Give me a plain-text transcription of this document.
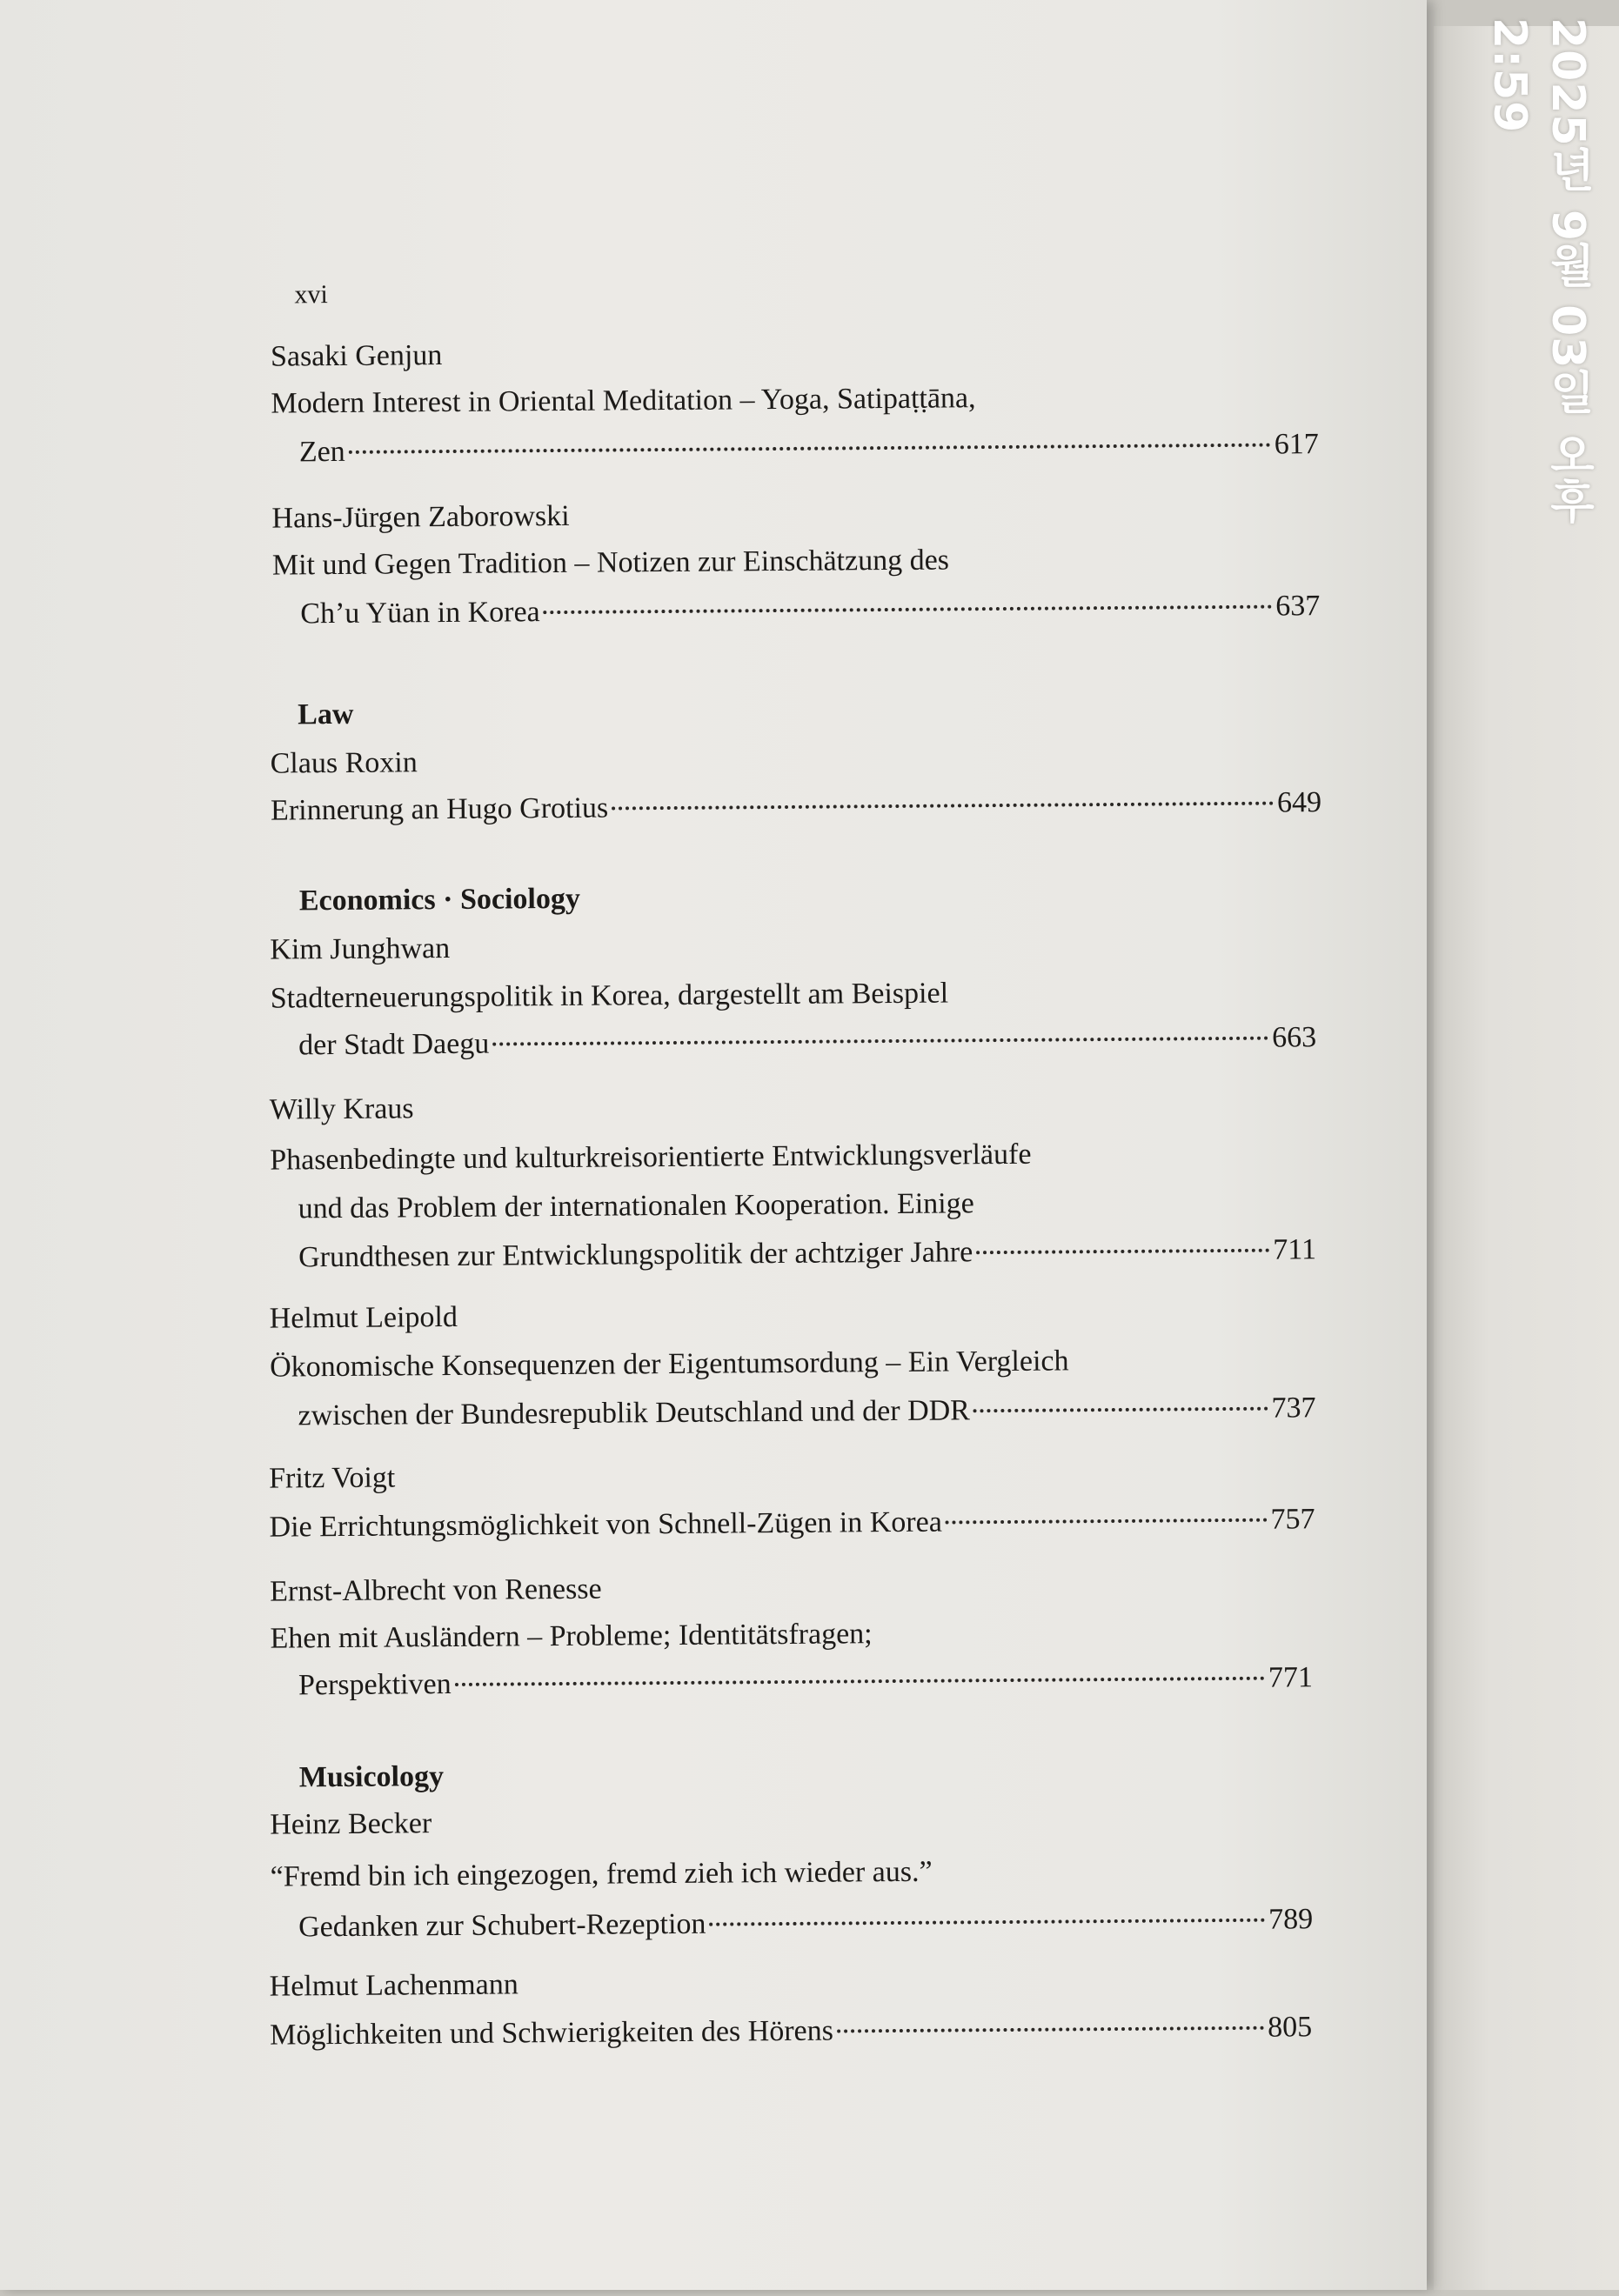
xvi
Sasaki Genjun
Modern Interest in Oriental Meditation – Yoga, Satipaṭṭāna,
Zen	617
Hans-Jürgen Zaborowski
Mit und Gegen Tradition – Notizen zur Einschätzung des
Ch’u Yüan in Korea	637
Law
Claus Roxin
Erinnerung an Hugo Grotius	649
Economics · Sociology
Kim Junghwan
Stadterneuerungspolitik in Korea, dargestellt am Beispiel
der Stadt Daegu	663
Willy Kraus
Phasenbedingte und kulturkreisorientierte Entwicklungsverläufe
und das Problem der internationalen Kooperation. Einige
Grundthesen zur Entwicklungspolitik der achtziger Jahre	711
Helmut Leipold
Ökonomische Konsequenzen der Eigentumsordung – Ein Vergleich
zwischen der Bundesrepublik Deutschland und der DDR	737
Fritz Voigt
Die Errichtungsmöglichkeit von Schnell-Zügen in Korea	757
Ernst-Albrecht von Renesse
Ehen mit Ausländern – Probleme; Identitätsfragen;
Perspektiven	771
Musicology
Heinz Becker
“Fremd bin ich eingezogen, fremd zieh ich wieder aus.”
Gedanken zur Schubert-Rezeption	789
Helmut Lachenmann
Möglichkeiten und Schwierigkeiten des Hörens	805
2025년 9월 03일 오후 2:59
